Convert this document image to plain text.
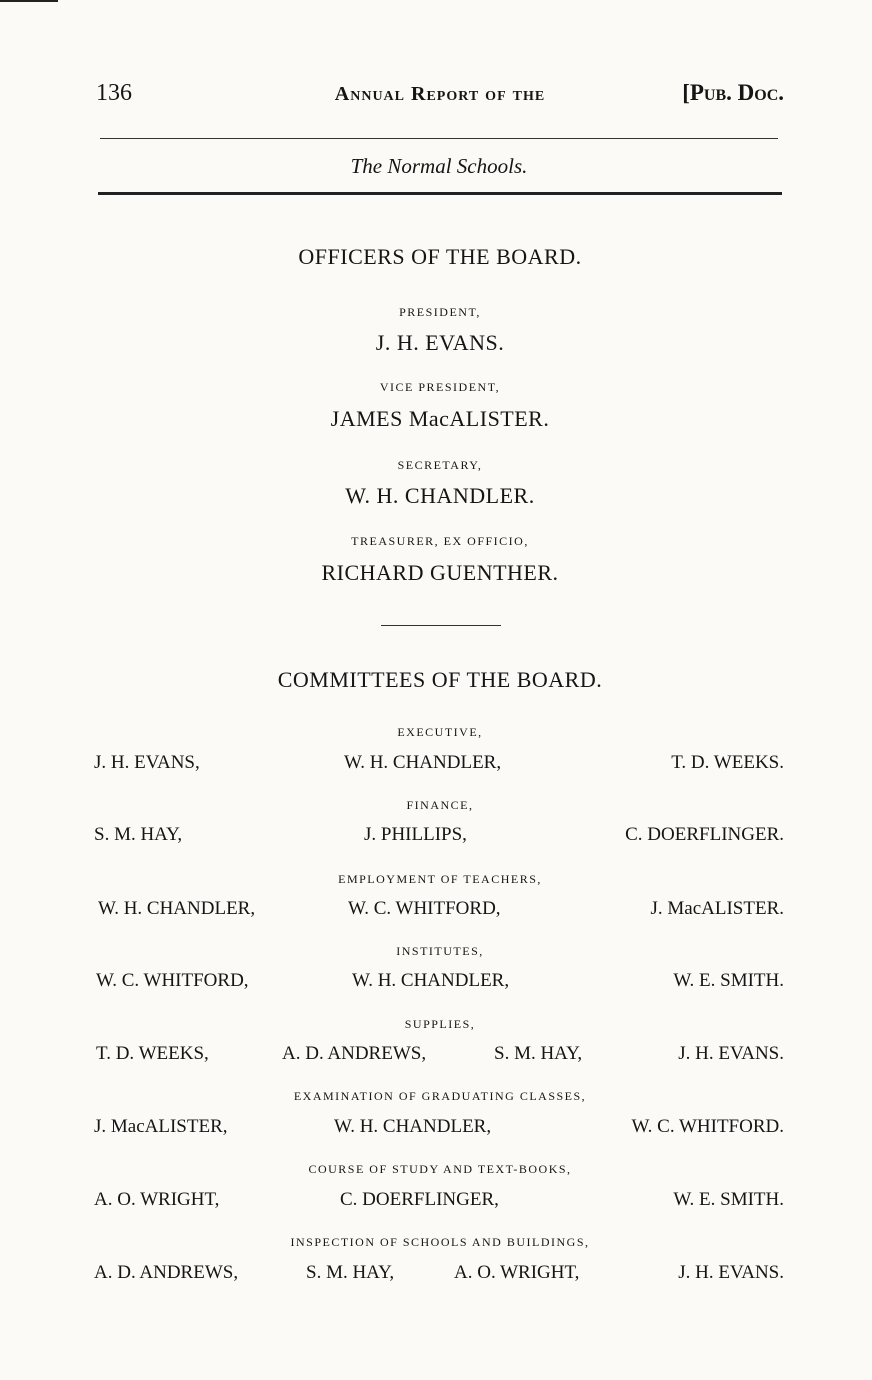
136	Annual Report of the	[Pub. Doc.
The Normal Schools.
OFFICERS OF THE BOARD.
PRESIDENT,
J. H. EVANS.
VICE PRESIDENT,
JAMES MacALISTER.
SECRETARY,
W. H. CHANDLER.
TREASURER, EX OFFICIO,
RICHARD GUENTHER.
COMMITTEES OF THE BOARD.
EXECUTIVE,
J. H. EVANS,	W. H. CHANDLER,	T. D. WEEKS.
FINANCE,
S. M. HAY,	J. PHILLIPS,	C. DOERFLINGER.
EMPLOYMENT OF TEACHERS,
W. H. CHANDLER,	W. C. WHITFORD,	J. MacALISTER.
INSTITUTES,
W. C. WHITFORD,	W. H. CHANDLER,	W. E. SMITH.
SUPPLIES,
T. D. WEEKS,	A. D. ANDREWS,	S. M. HAY,	J. H. EVANS.
EXAMINATION OF GRADUATING CLASSES,
J. MacALISTER,	W. H. CHANDLER,	W. C. WHITFORD.
COURSE OF STUDY AND TEXT-BOOKS,
A. O. WRIGHT,	C. DOERFLINGER,	W. E. SMITH.
INSPECTION OF SCHOOLS AND BUILDINGS,
A. D. ANDREWS,	S. M. HAY,	A. O. WRIGHT,	J. H. EVANS.
